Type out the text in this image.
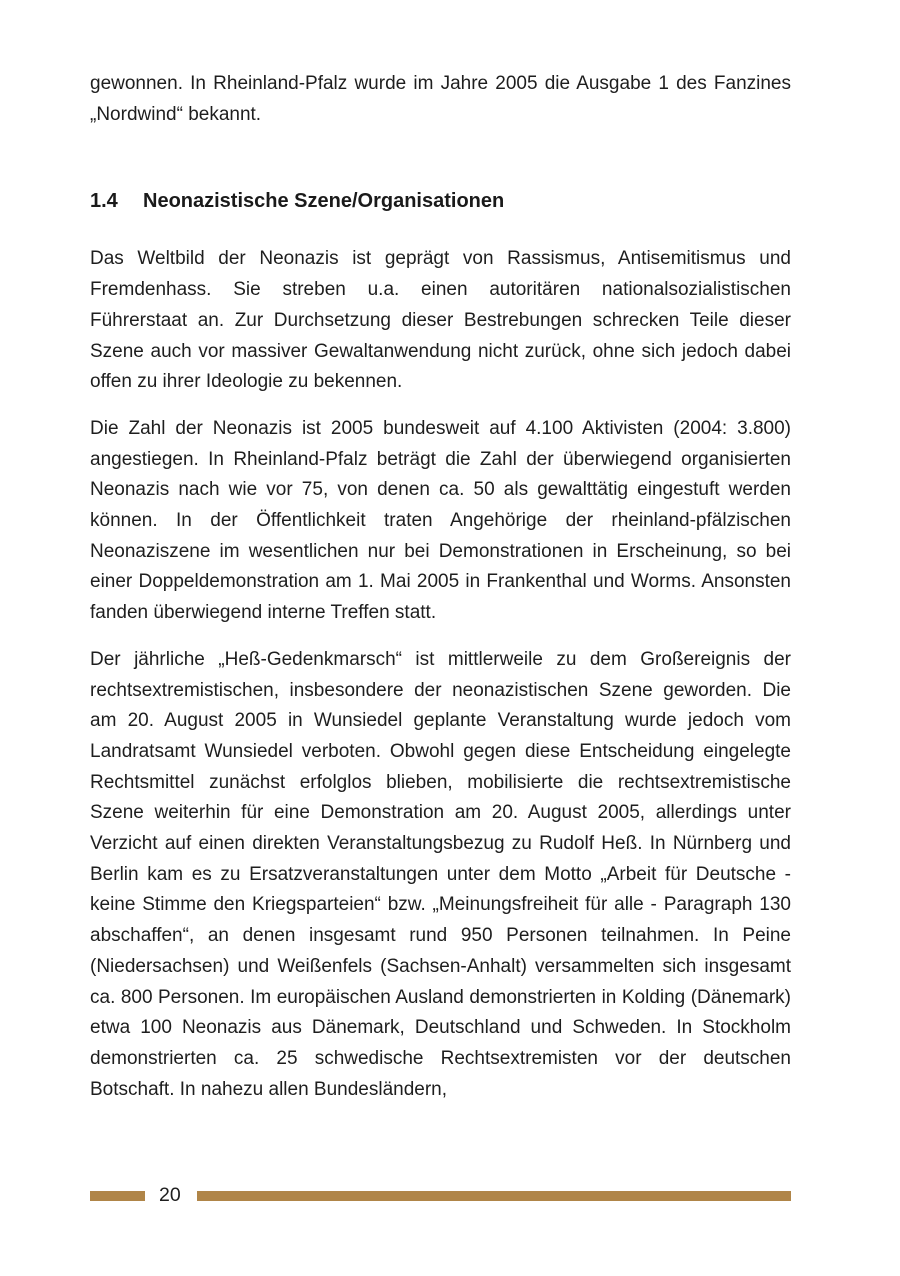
gewonnen. In Rheinland-Pfalz wurde im Jahre 2005 die Ausgabe 1 des Fanzines „Nordwind“ bekannt.

1.4	Neonazistische Szene/Organisationen

Das Weltbild der Neonazis ist geprägt von Rassismus, Antisemitismus und Fremdenhass. Sie streben u.a. einen autoritären nationalsozialistischen Führerstaat an. Zur Durchsetzung dieser Bestrebungen schrecken Teile dieser Szene auch vor massiver Gewaltanwendung nicht zurück, ohne sich jedoch dabei offen zu ihrer Ideologie zu bekennen.

Die Zahl der Neonazis ist 2005 bundesweit auf 4.100 Aktivisten (2004: 3.800) angestiegen. In Rheinland-Pfalz beträgt die Zahl der überwiegend organisierten Neonazis nach wie vor 75, von denen ca. 50 als gewalttätig eingestuft werden können. In der Öffentlichkeit traten Angehörige der rheinland-pfälzischen Neonaziszene im wesentlichen nur bei Demonstrationen in Erscheinung, so bei einer Doppeldemonstration am 1. Mai 2005 in Frankenthal und Worms. Ansonsten fanden überwiegend interne Treffen statt.

Der jährliche „Heß-Gedenkmarsch“ ist mittlerweile zu dem Großereignis der rechtsextremistischen, insbesondere der neonazistischen Szene geworden. Die am 20. August 2005 in Wunsiedel geplante Veranstaltung wurde jedoch vom Landratsamt Wunsiedel verboten. Obwohl gegen diese Entscheidung eingelegte Rechtsmittel zunächst erfolglos blieben, mobilisierte die rechtsextremistische Szene weiterhin für eine Demonstration am 20. August 2005, allerdings unter Verzicht auf einen direkten Veranstaltungsbezug zu Rudolf Heß. In Nürnberg und Berlin kam es zu Ersatzveranstaltungen unter dem Motto „Arbeit für Deutsche - keine Stimme den Kriegsparteien“ bzw. „Meinungsfreiheit für alle - Paragraph 130 abschaffen“, an denen insgesamt rund 950 Personen teilnahmen. In Peine (Niedersachsen) und Weißenfels (Sachsen-Anhalt) versammelten sich insgesamt ca. 800 Personen. Im europäischen Ausland demonstrierten in Kolding (Dänemark) etwa 100 Neonazis aus Dänemark, Deutschland und Schweden. In Stockholm demonstrierten ca. 25 schwedische Rechtsextremisten vor der deutschen Botschaft. In nahezu allen Bundesländern,

20
